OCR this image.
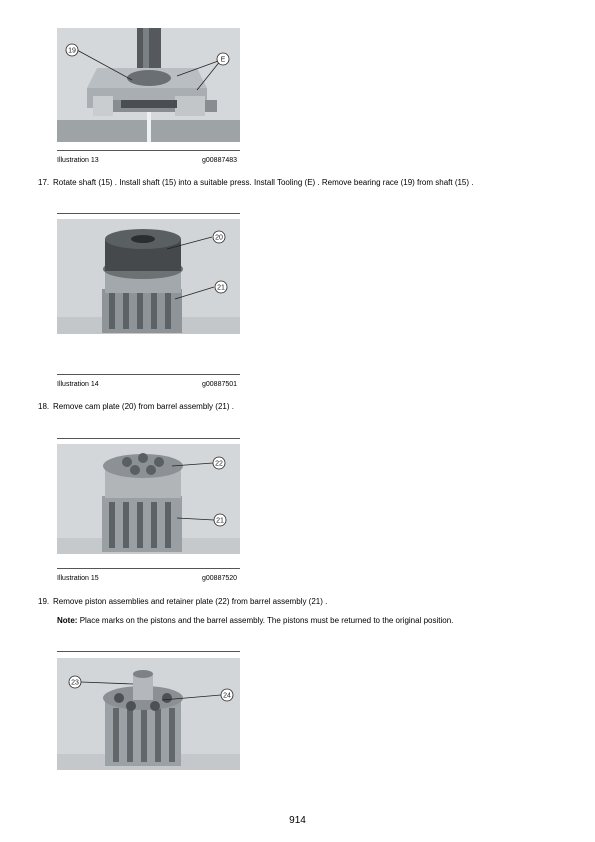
19
E
Illustration 13	g00887483
17. Rotate shaft (15) . Install shaft (15) into a suitable press. Install Tooling (E) . Remove bearing race (19) from shaft (15) .
20
21
Illustration 14	g00887501
18. Remove cam plate (20) from barrel assembly (21) .
22
21
Illustration 15	g00887520
19. Remove piston assemblies and retainer plate (22) from barrel assembly (21) .
Note: Place marks on the pistons and the barrel assembly. The pistons must be returned to the original position.
23
24
914
